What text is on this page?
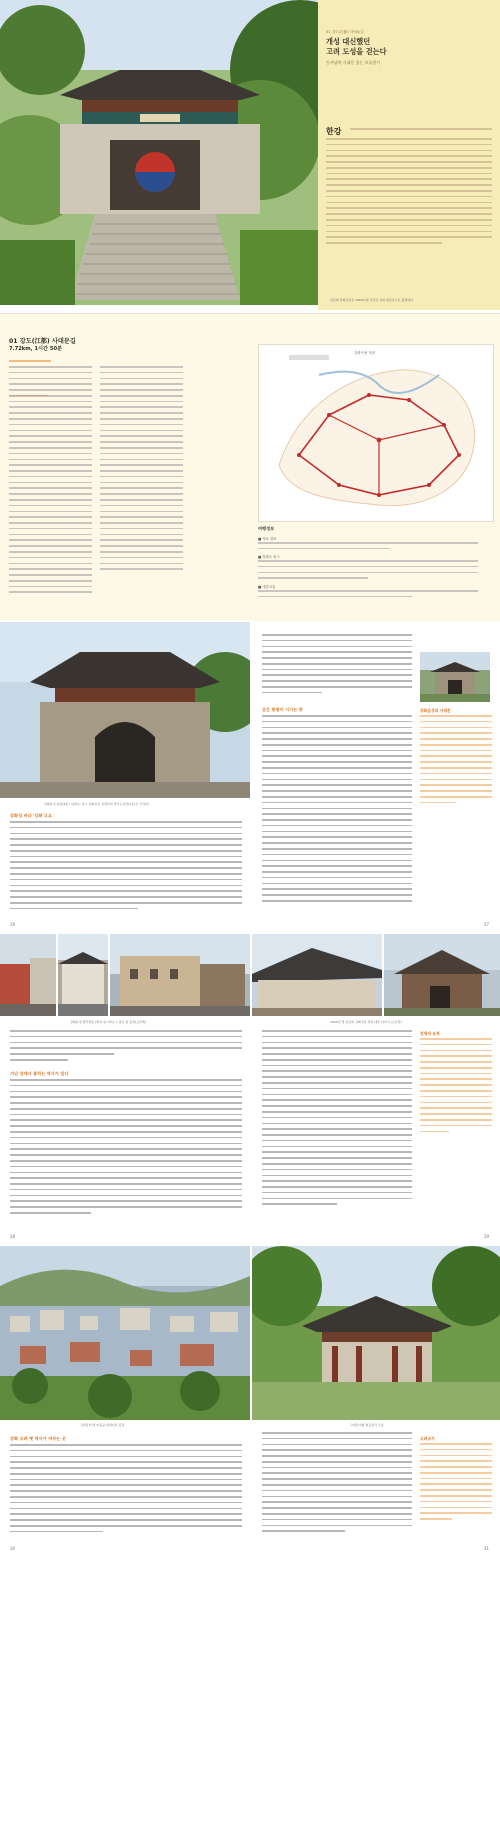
01 강도(江都) 사에둘길
개성 대신했던
고려 도성을 걷는다
동서남북 사대문 있는 보물찾기
한강
남문의 강화읍성문 1900년대 건립된 성의 회전성으로 불렸었다
01 강도(江都) 사대문길
7.72km, 1시간 50분
강화산성 북문
여행정보
■ 자료 정보
■ 강화도 버스
■ 대중교통
강화읍성 남문(4문) '남대'는 다시 문화유산 지정되어 경기도유산(1호)로 가 있다.
강화성 바다 '강화'고요
26
곧은 통랑이 시가는 중	강화읍성의 사대문
27
강화읍성 옛건축들 (좌측 위·거리) 그 바로 옆 풍경(오른쪽)
지난 성에서 통하는 역사가 있다
28
1900년 옛 성공회 강화성당 축성 내부 이야기 (오른쪽)
전쟁의 유적
29
고려궁터 옛 마을을 내려다본 풍경	고려궁지의 외규장각 모습
강화 고려 옛 역사가 머무는 곳	고려궁지
30	31
